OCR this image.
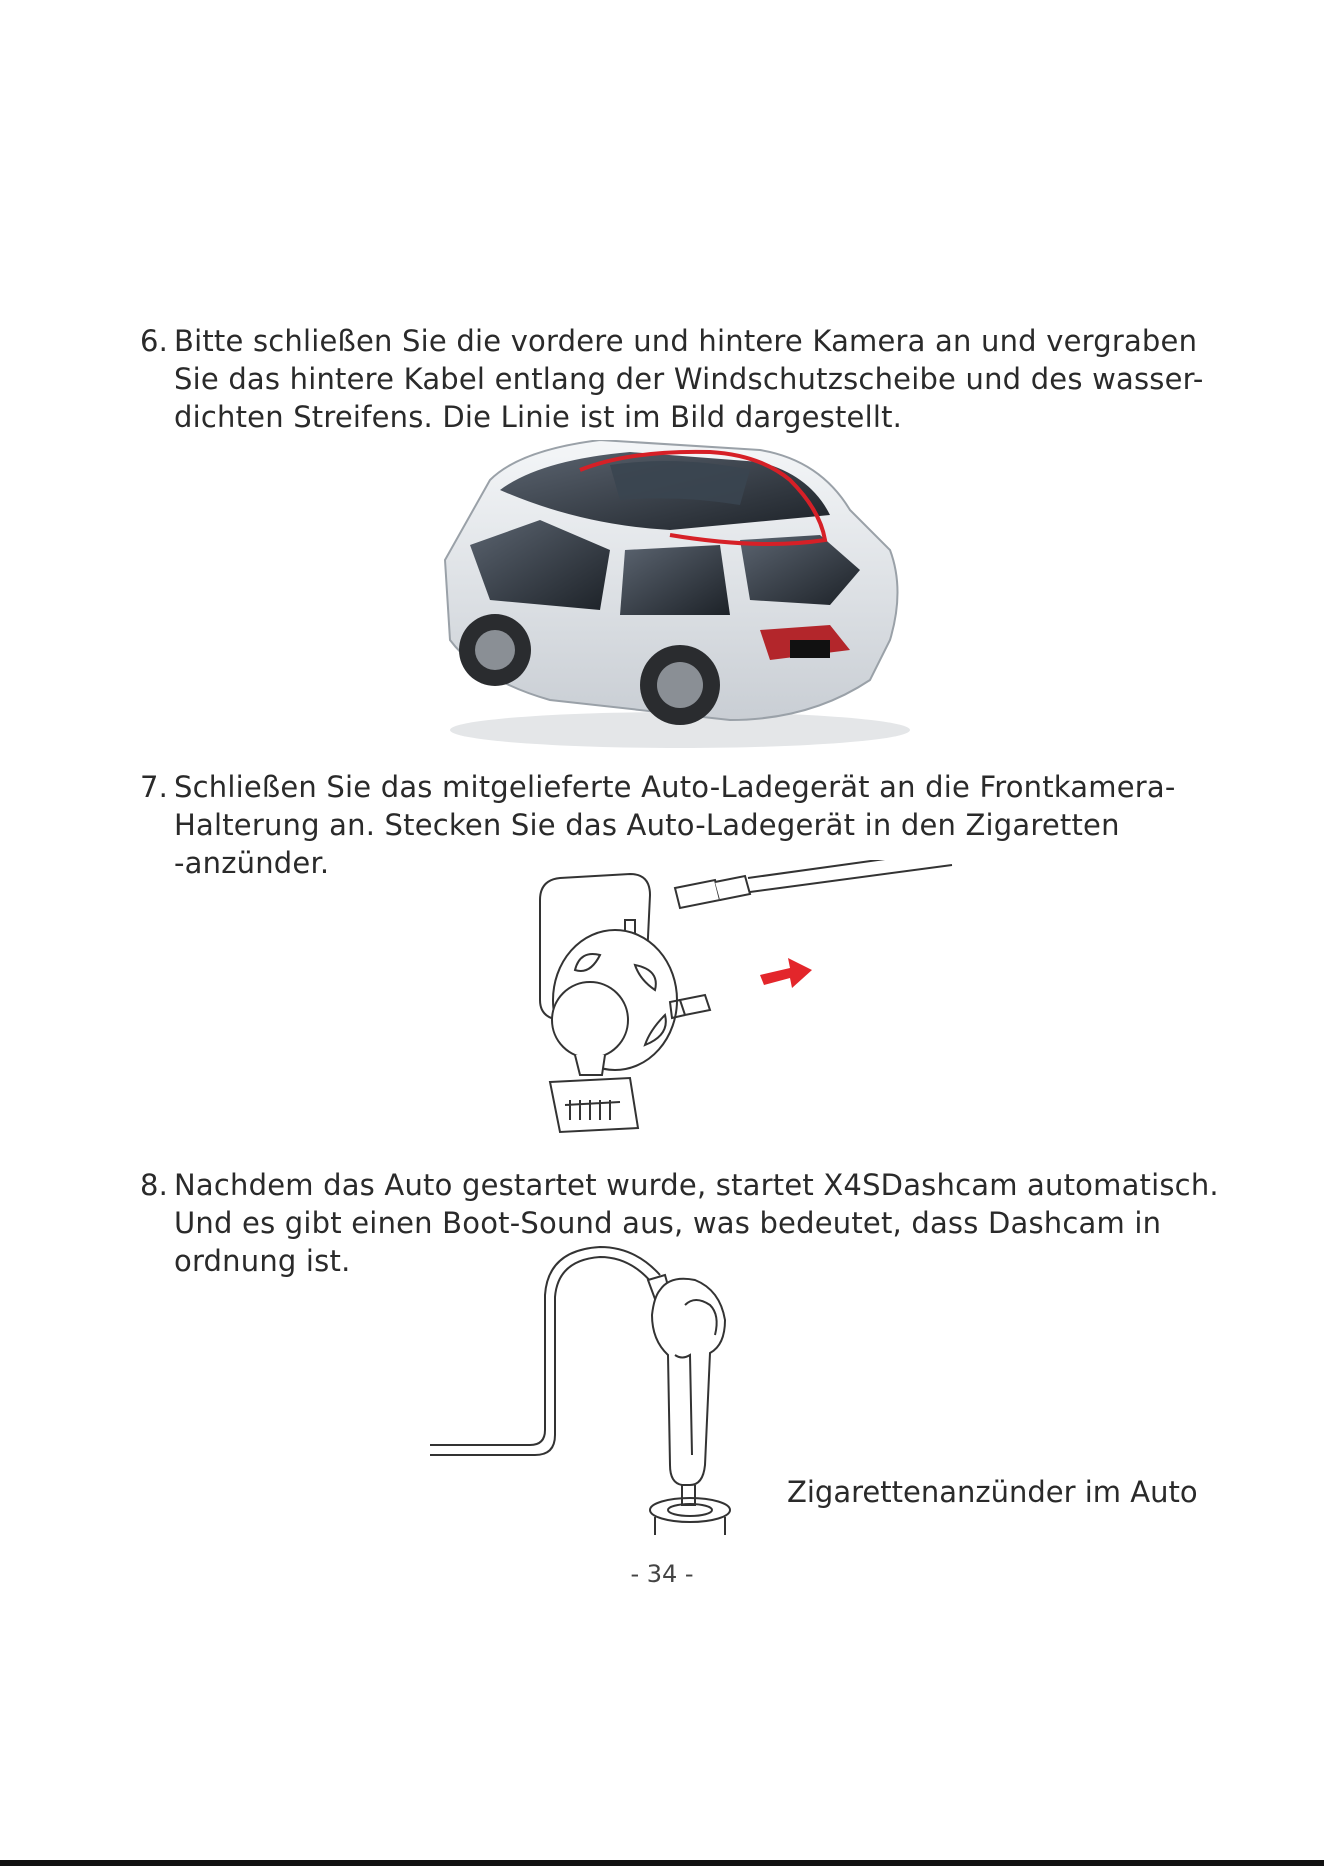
6. Bitte schließen Sie die vordere und hintere Kamera an und vergraben
Sie das hintere Kabel entlang der Windschutzscheibe und des wasser-
dichten Streifens. Die Linie ist im Bild dargestellt.
7. Schließen Sie das mitgelieferte Auto-Ladegerät an die Frontkamera-
Halterung an. Stecken Sie das Auto-Ladegerät in den Zigaretten
-anzünder.
8. Nachdem das Auto gestartet wurde, startet X4SDashcam automatisch.
Und es gibt einen Boot-Sound aus, was bedeutet, dass Dashcam in
ordnung ist.
Zigarettenanzünder im Auto
- 34 -
